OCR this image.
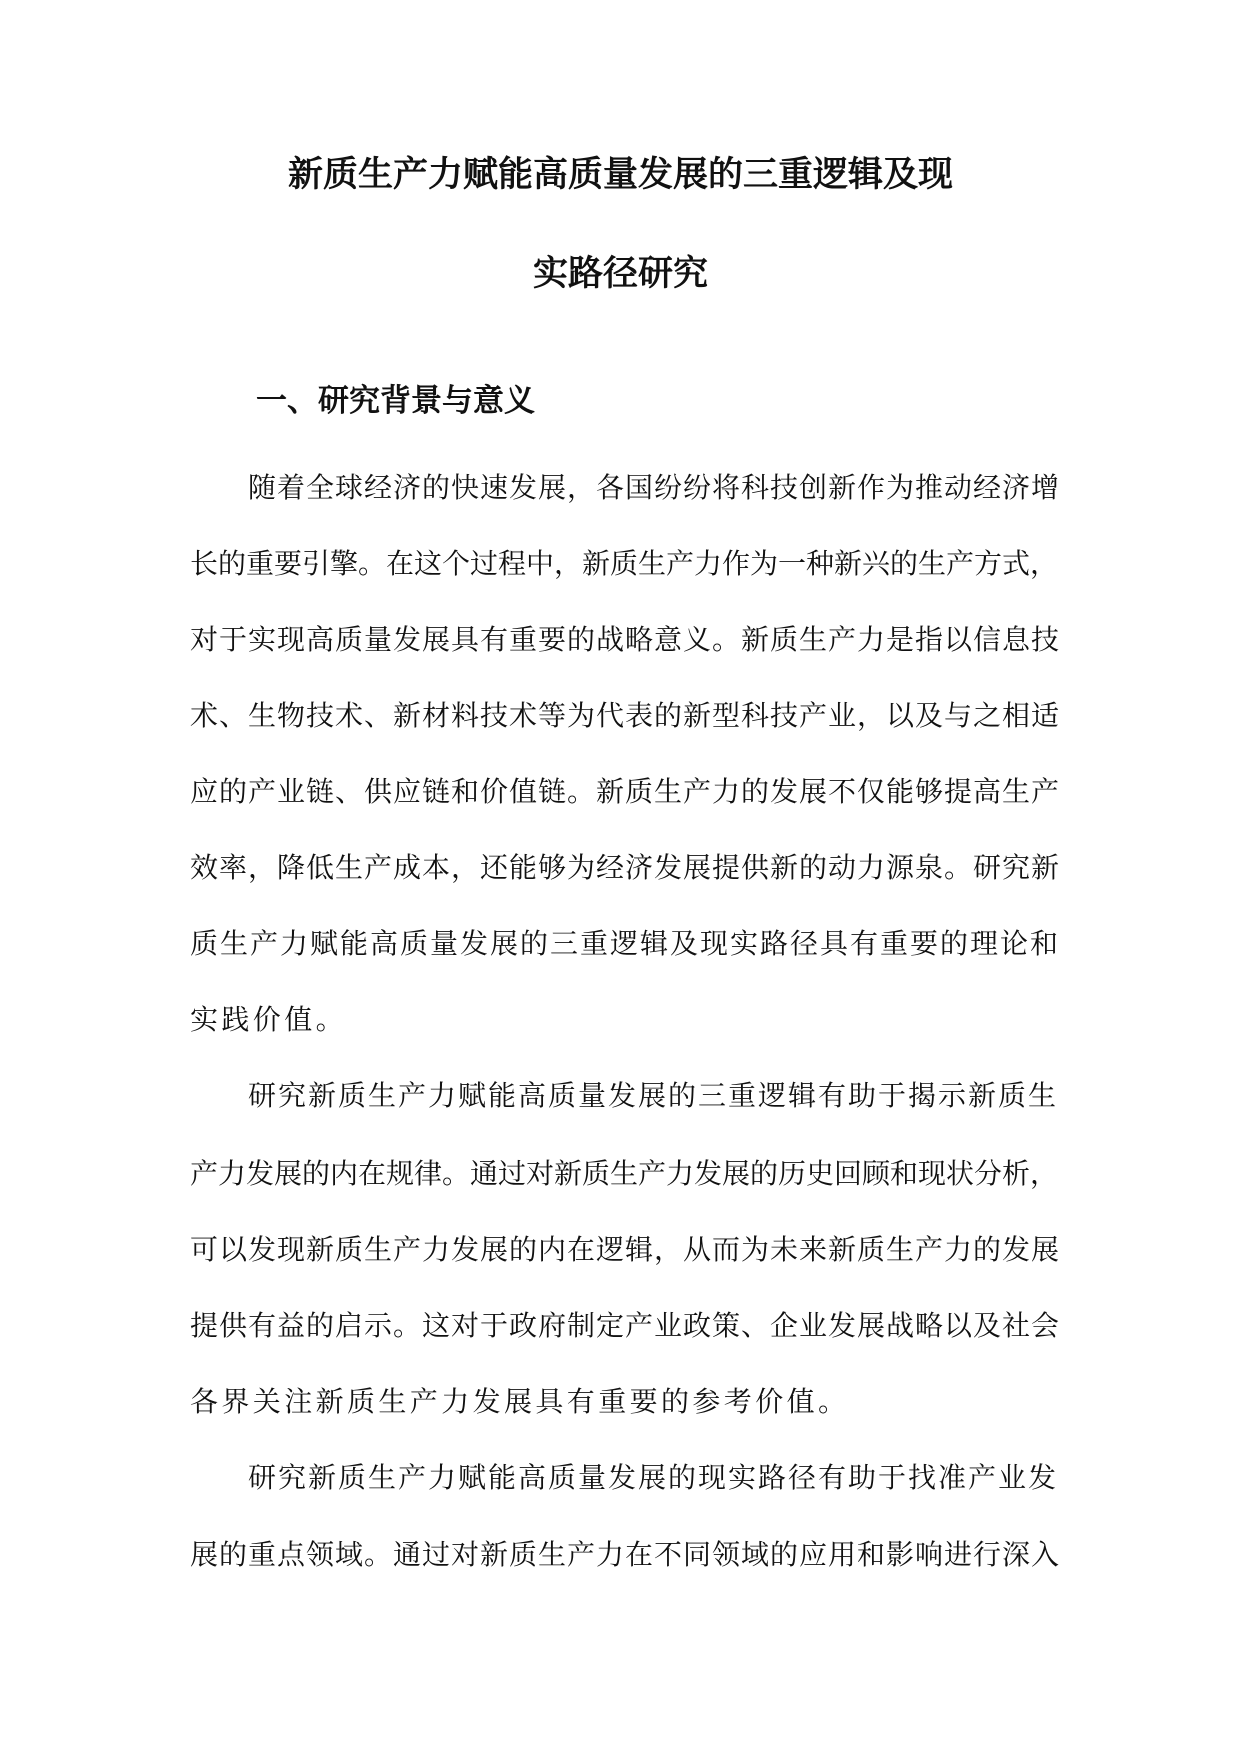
新质生产力赋能高质量发展的三重逻辑及现
实路径研究
一、研究背景与意义
随着全球经济的快速发展，各国纷纷将科技创新作为推动经济增
长的重要引擎。在这个过程中，新质生产力作为一种新兴的生产方式，
对于实现高质量发展具有重要的战略意义。新质生产力是指以信息技
术、生物技术、新材料技术等为代表的新型科技产业，以及与之相适
应的产业链、供应链和价值链。新质生产力的发展不仅能够提高生产
效率，降低生产成本，还能够为经济发展提供新的动力源泉。研究新
质生产力赋能高质量发展的三重逻辑及现实路径具有重要的理论和
实践价值。
研究新质生产力赋能高质量发展的三重逻辑有助于揭示新质生
产力发展的内在规律。通过对新质生产力发展的历史回顾和现状分析，
可以发现新质生产力发展的内在逻辑，从而为未来新质生产力的发展
提供有益的启示。这对于政府制定产业政策、企业发展战略以及社会
各界关注新质生产力发展具有重要的参考价值。
研究新质生产力赋能高质量发展的现实路径有助于找准产业发
展的重点领域。通过对新质生产力在不同领域的应用和影响进行深入
